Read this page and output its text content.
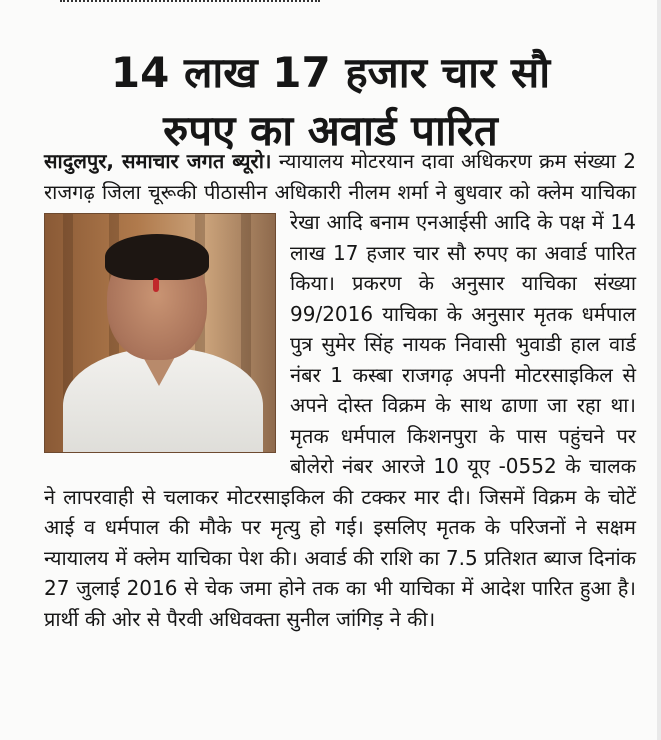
14 लाख 17 हजार चार सौ
रुपए का अवार्ड पारित

सादुलपुर, समाचार जगत ब्यूरो। न्यायालय मोटरयान दावा अधिकरण क्रम संख्या 2 राजगढ़ जिला चूरूकी पीठासीन अधिकारी नीलम शर्मा ने बुधवार
को क्लेम याचिका रेखा आदि बनाम एनआईसी आदि के पक्ष में 14 लाख 17 हजार चार सौ रुपए का अवार्ड पारित किया। प्रकरण के अनुसार याचिका संख्या 99/2016 याचिका के अनुसार मृतक धर्मपाल पुत्र सुमेर सिंह नायक निवासी भुवाडी हाल वार्ड नंबर 1 कस्बा राजगढ़ अपनी मोटरसाइकिल से अपने दोस्त विक्रम के साथ ढाणा जा रहा था। मृतक धर्मपाल किशनपुरा के पास पहुंचने पर बोलेरो नंबर आरजे 10 यूए -0552 के चालक ने लापरवाही से चलाकर मोटरसाइकिल की टक्कर मार दी। जिसमें विक्रम के चोटें आई व धर्मपाल की मौके पर मृत्यु हो गई। इसलिए मृतक के परिजनों ने सक्षम न्यायालय में क्लेम याचिका पेश की। अवार्ड की राशि का 7.5 प्रतिशत ब्याज दिनांक 27 जुलाई 2016 से चेक जमा होने तक का भी याचिका में आदेश पारित हुआ है। प्रार्थी की ओर से पैरवी अधिवक्ता सुनील जांगिड़ ने की।
